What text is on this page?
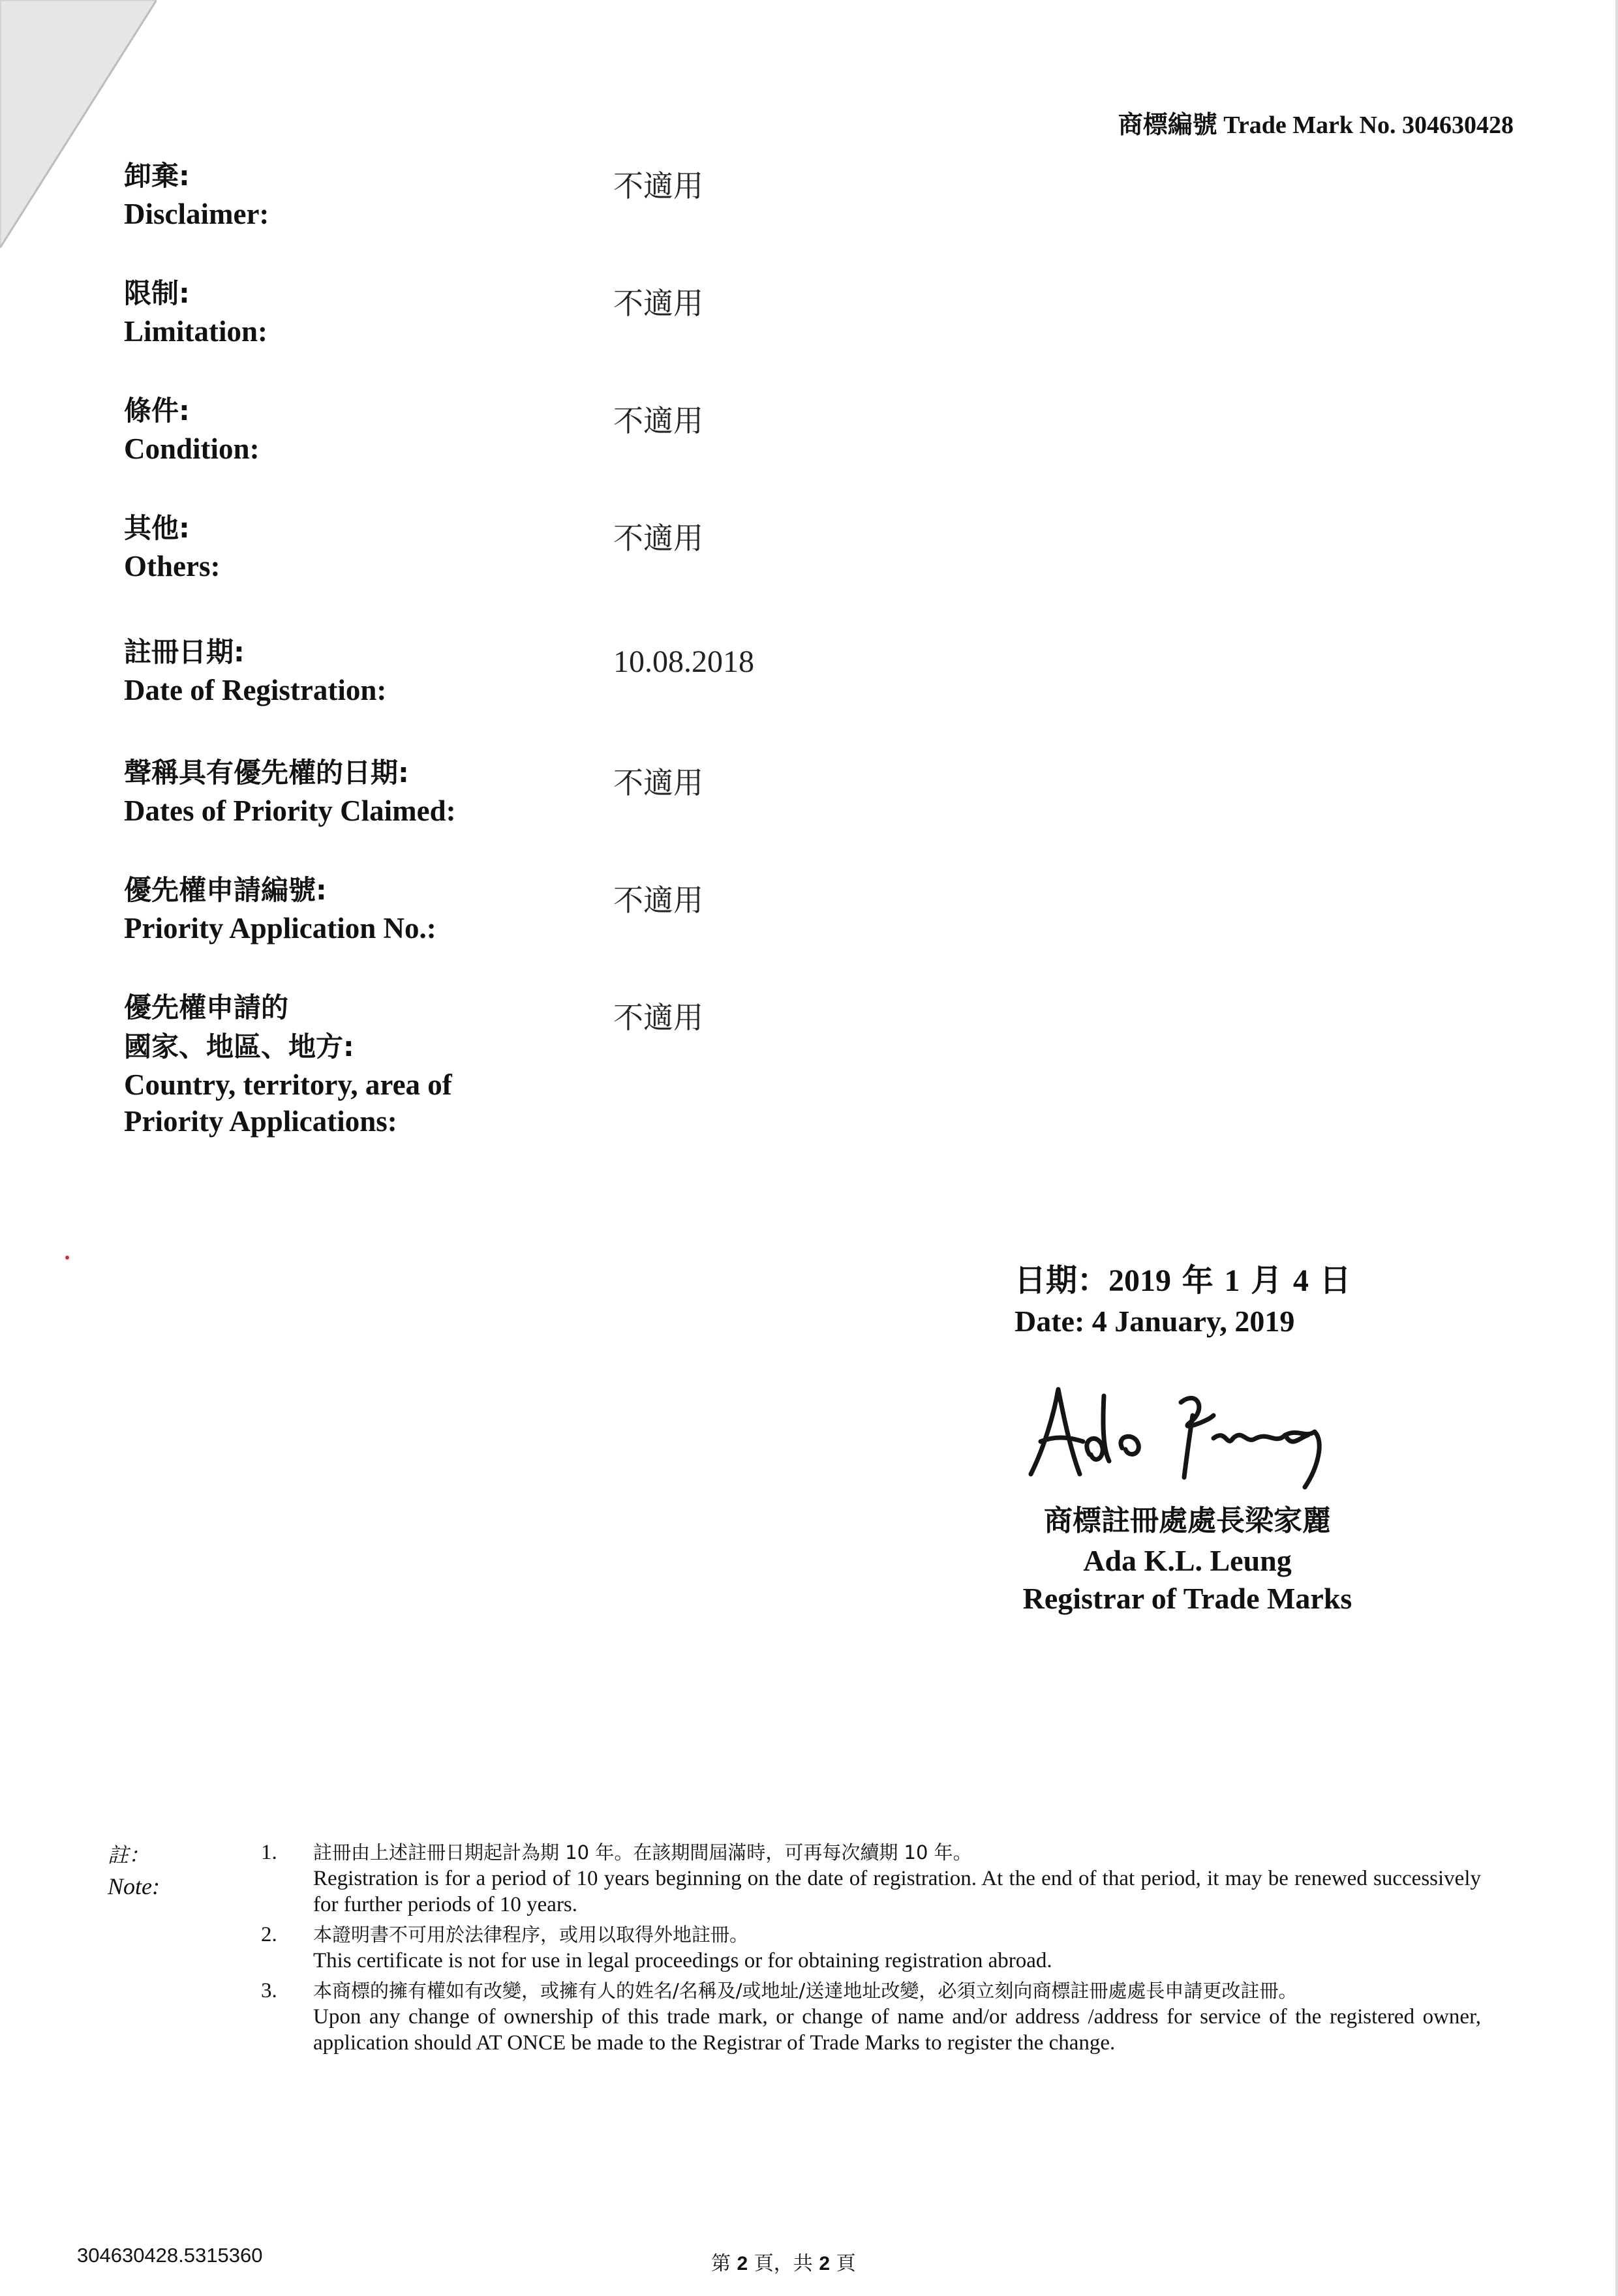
商標編號 Trade Mark No. 304630428
卸棄:
Disclaimer:
不適用
限制:
Limitation:
不適用
條件:
Condition:
不適用
其他:
Others:
不適用
註冊日期:
Date of Registration:
10.08.2018
聲稱具有優先權的日期:
Dates of Priority Claimed:
不適用
優先權申請編號:
Priority Application No.:
不適用
優先權申請的
國家、地區、地方:
Country, territory, area of
Priority Applications:
不適用
日期：2019 年 1 月 4 日
Date: 4 January, 2019
商標註冊處處長梁家麗
Ada K.L. Leung
Registrar of Trade Marks
註：
Note:
1.	註冊由上述註冊日期起計為期 10 年。在該期間屆滿時，可再每次續期 10 年。
Registration is for a period of 10 years beginning on the date of registration. At the end of that period, it may be renewed successively for further periods of 10 years.
2.	本證明書不可用於法律程序，或用以取得外地註冊。
This certificate is not for use in legal proceedings or for obtaining registration abroad.
3.	本商標的擁有權如有改變，或擁有人的姓名/名稱及/或地址/送達地址改變，必須立刻向商標註冊處處長申請更改註冊。
Upon any change of ownership of this trade mark, or change of name and/or address /address for service of the registered owner, application should AT ONCE be made to the Registrar of Trade Marks to register the change.
304630428.5315360	第 2 頁，共 2 頁
